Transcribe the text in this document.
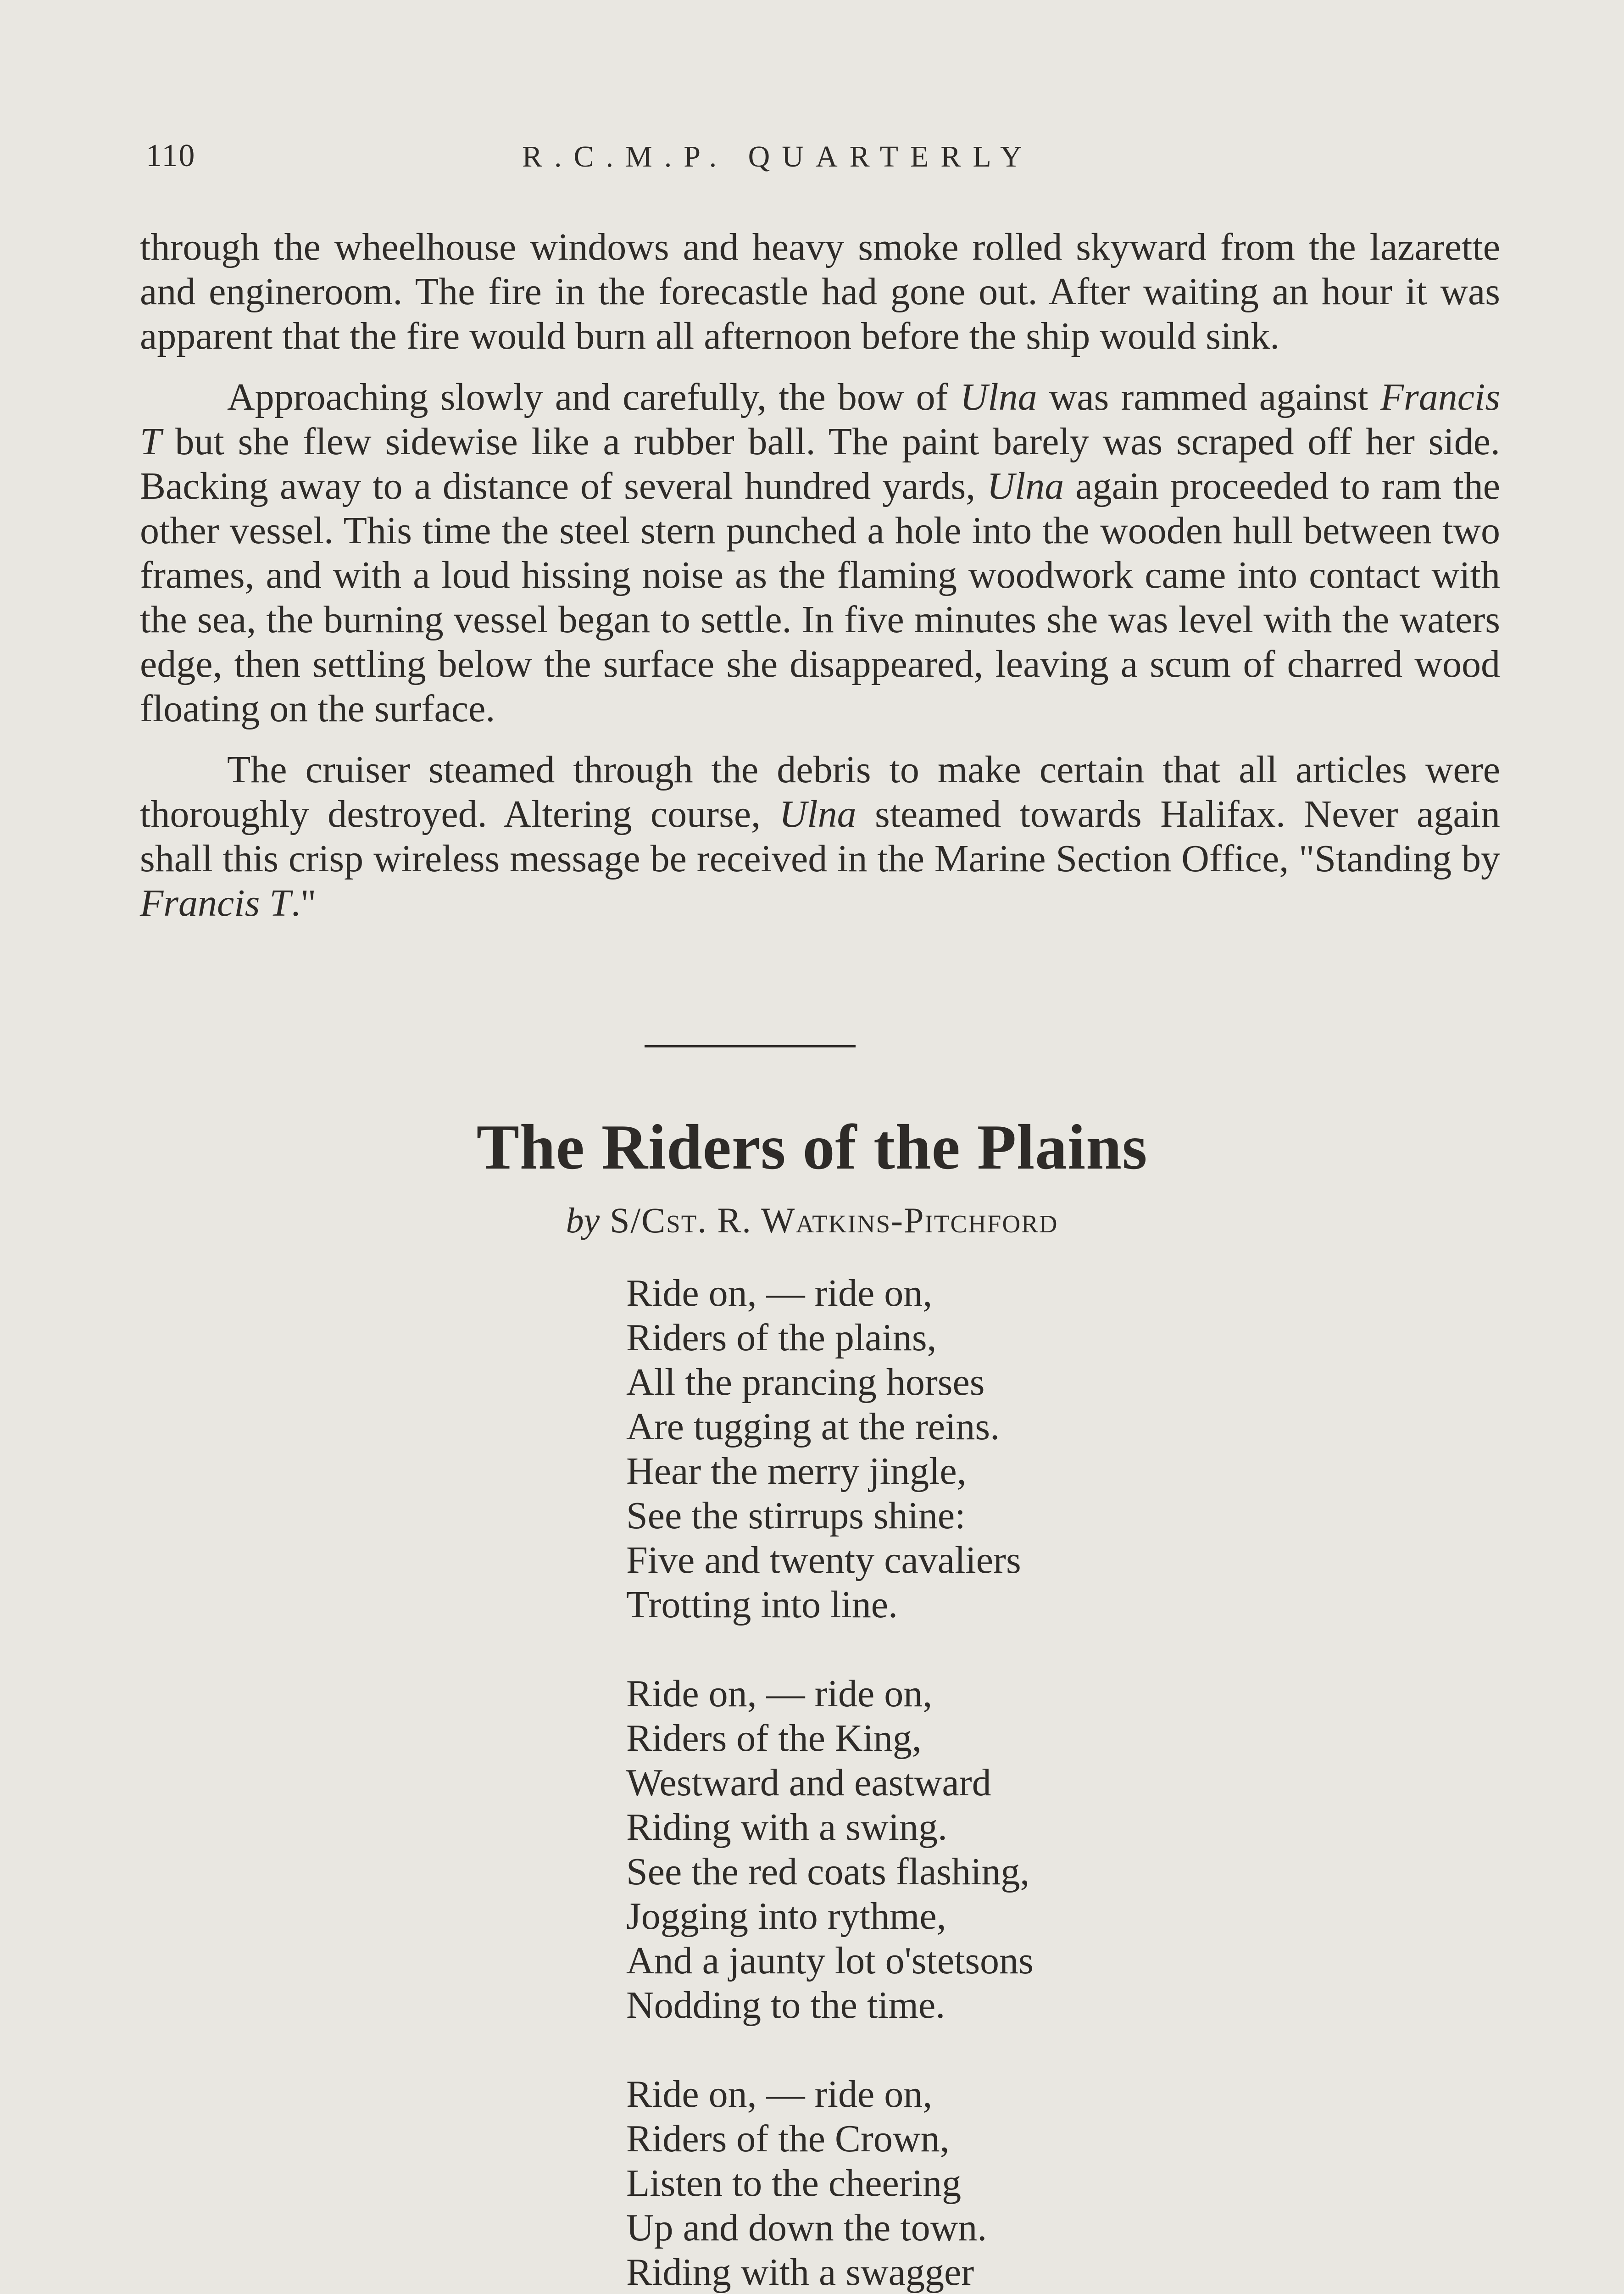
110	R.C.M.P. QUARTERLY

through the wheelhouse windows and heavy smoke rolled skyward from the lazarette and engineroom. The fire in the forecastle had gone out. After waiting an hour it was apparent that the fire would burn all afternoon before the ship would sink.

Approaching slowly and carefully, the bow of Ulna was rammed against Francis T but she flew sidewise like a rubber ball. The paint barely was scraped off her side. Backing away to a distance of several hundred yards, Ulna again proceeded to ram the other vessel. This time the steel stern punched a hole into the wooden hull between two frames, and with a loud hissing noise as the flaming woodwork came into contact with the sea, the burning vessel began to settle. In five minutes she was level with the waters edge, then settling below the surface she disappeared, leaving a scum of charred wood floating on the surface.

The cruiser steamed through the debris to make certain that all articles were thoroughly destroyed. Altering course, Ulna steamed towards Halifax. Never again shall this crisp wireless message be received in the Marine Section Office, "Standing by Francis T."

The Riders of the Plains
by S/Cst. R. Watkins-Pitchford
Ride on, — ride on,
Riders of the plains,
All the prancing horses
Are tugging at the reins.
Hear the merry jingle,
See the stirrups shine:
Five and twenty cavaliers
Trotting into line.
Ride on, — ride on,
Riders of the King,
Westward and eastward
Riding with a swing.
See the red coats flashing,
Jogging into rythme,
And a jaunty lot o'stetsons
Nodding to the time.
Ride on, — ride on,
Riders of the Crown,
Listen to the cheering
Up and down the town.
Riding with a swagger
